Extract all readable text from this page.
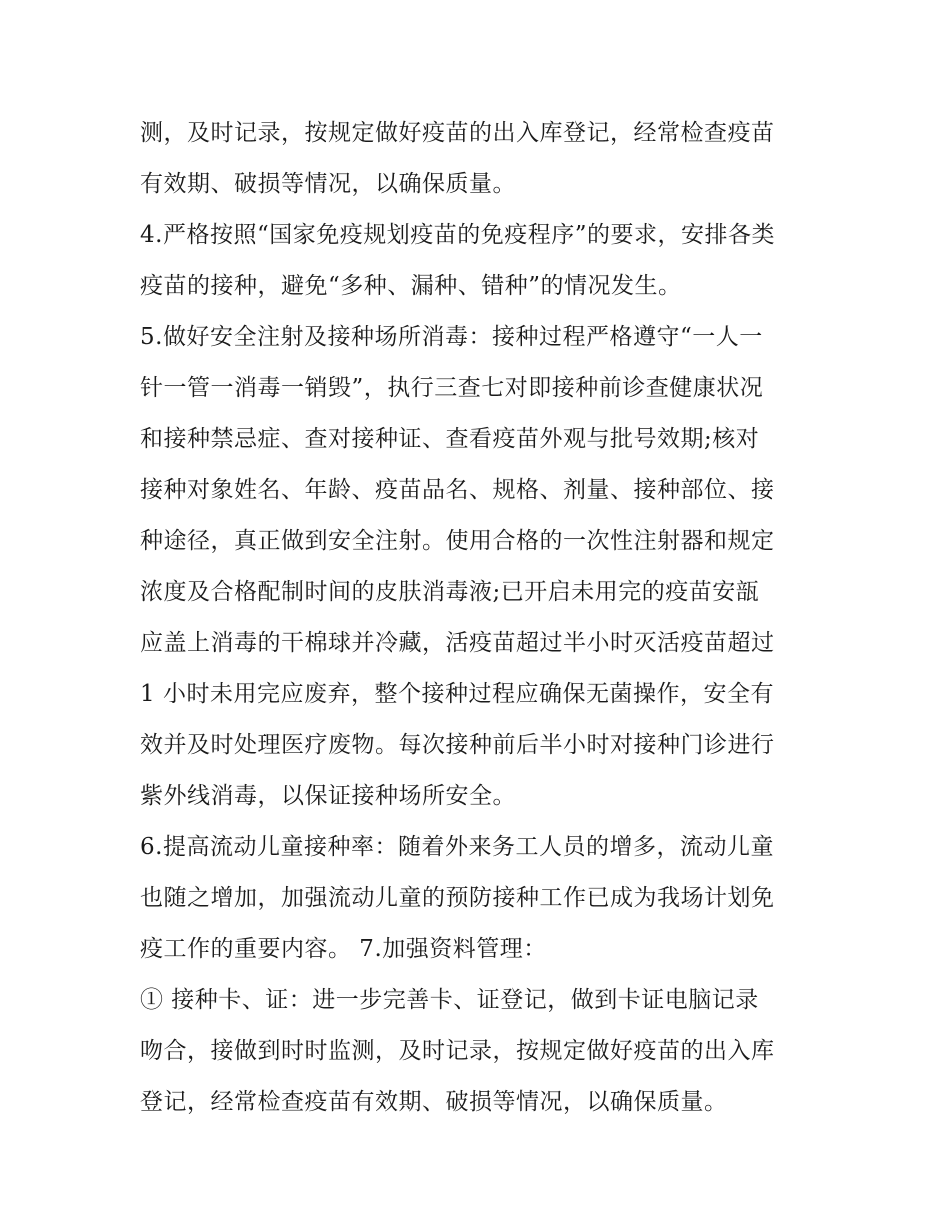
测，及时记录，按规定做好疫苗的出入库登记，经常检查疫苗
有效期、破损等情况，以确保质量。
4.严格按照“国家免疫规划疫苗的免疫程序”的要求，安排各类
疫苗的接种，避免“多种、漏种、错种”的情况发生。
5.做好安全注射及接种场所消毒：接种过程严格遵守“一人一
针一管一消毒一销毁”，执行三查七对即接种前诊查健康状况
和接种禁忌症、查对接种证、查看疫苗外观与批号效期;核对
接种对象姓名、年龄、疫苗品名、规格、剂量、接种部位、接
种途径，真正做到安全注射。使用合格的一次性注射器和规定
浓度及合格配制时间的皮肤消毒液;已开启未用完的疫苗安瓿
应盖上消毒的干棉球并冷藏，活疫苗超过半小时灭活疫苗超过
1 小时未用完应废弃，整个接种过程应确保无菌操作，安全有
效并及时处理医疗废物。每次接种前后半小时对接种门诊进行
紫外线消毒，以保证接种场所安全。
6.提高流动儿童接种率：随着外来务工人员的增多，流动儿童
也随之增加，加强流动儿童的预防接种工作已成为我场计划免
疫工作的重要内容。 7.加强资料管理：
① 接种卡、证：进一步完善卡、证登记，做到卡证电脑记录
吻合，接做到时时监测，及时记录，按规定做好疫苗的出入库
登记，经常检查疫苗有效期、破损等情况，以确保质量。
